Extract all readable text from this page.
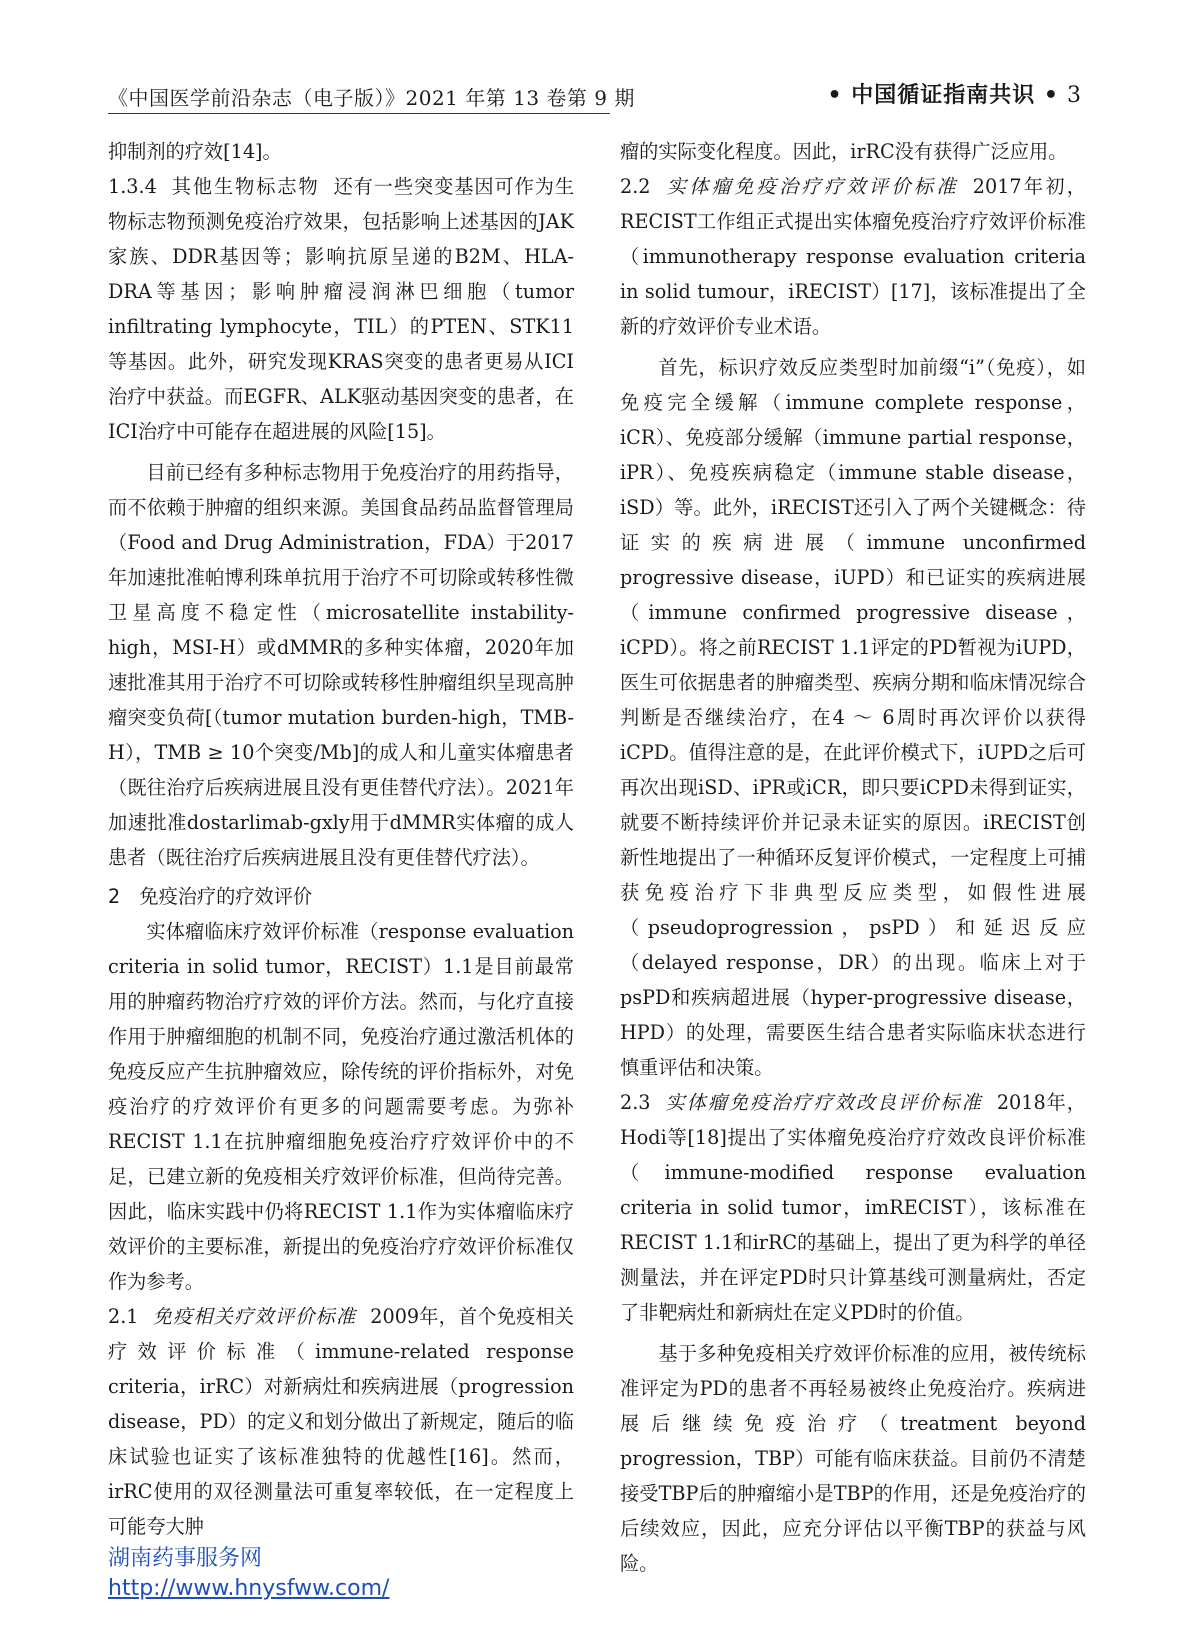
《中国医学前沿杂志（电子版）》2021 年第 13 卷第 9 期	• 中国循证指南共识 • 3

抑制剂的疗效[14]。

1.3.4 其他生物标志物 还有一些突变基因可作为生物标志物预测免疫治疗效果，包括影响上述基因的JAK家族、DDR基因等；影响抗原呈递的B2M、HLA-DRA等基因；影响肿瘤浸润淋巴细胞（tumor infiltrating lymphocyte，TIL）的PTEN、STK11等基因。此外，研究发现KRAS突变的患者更易从ICI治疗中获益。而EGFR、ALK驱动基因突变的患者，在ICI治疗中可能存在超进展的风险[15]。

目前已经有多种标志物用于免疫治疗的用药指导，而不依赖于肿瘤的组织来源。美国食品药品监督管理局（Food and Drug Administration，FDA）于2017年加速批准帕博利珠单抗用于治疗不可切除或转移性微卫星高度不稳定性（microsatellite instability-high，MSI-H）或dMMR的多种实体瘤，2020年加速批准其用于治疗不可切除或转移性肿瘤组织呈现高肿瘤突变负荷[（tumor mutation burden-high，TMB-H），TMB ≥ 10个突变/Mb]的成人和儿童实体瘤患者（既往治疗后疾病进展且没有更佳替代疗法）。2021年加速批准dostarlimab-gxly用于dMMR实体瘤的成人患者（既往治疗后疾病进展且没有更佳替代疗法）。

2　免疫治疗的疗效评价

实体瘤临床疗效评价标准（response evaluation criteria in solid tumor，RECIST）1.1是目前最常用的肿瘤药物治疗疗效的评价方法。然而，与化疗直接作用于肿瘤细胞的机制不同，免疫治疗通过激活机体的免疫反应产生抗肿瘤效应，除传统的评价指标外，对免疫治疗的疗效评价有更多的问题需要考虑。为弥补RECIST 1.1在抗肿瘤细胞免疫治疗疗效评价中的不足，已建立新的免疫相关疗效评价标准，但尚待完善。因此，临床实践中仍将RECIST 1.1作为实体瘤临床疗效评价的主要标准，新提出的免疫治疗疗效评价标准仅作为参考。

2.1 免疫相关疗效评价标准 2009年，首个免疫相关疗效评价标准（immune-related response criteria，irRC）对新病灶和疾病进展（progression disease，PD）的定义和划分做出了新规定，随后的临床试验也证实了该标准独特的优越性[16]。然而，irRC使用的双径测量法可重复率较低，在一定程度上可能夸大肿

瘤的实际变化程度。因此，irRC没有获得广泛应用。

2.2 实体瘤免疫治疗疗效评价标准 2017年初，RECIST工作组正式提出实体瘤免疫治疗疗效评价标准（immunotherapy response evaluation criteria in solid tumour，iRECIST）[17]，该标准提出了全新的疗效评价专业术语。

首先，标识疗效反应类型时加前缀“i”（免疫），如免疫完全缓解（immune complete response，iCR）、免疫部分缓解（immune partial response，iPR）、免疫疾病稳定（immune stable disease，iSD）等。此外，iRECIST还引入了两个关键概念：待证实的疾病进展（immune unconfirmed progressive disease，iUPD）和已证实的疾病进展（immune confirmed progressive disease，iCPD）。将之前RECIST 1.1评定的PD暂视为iUPD，医生可依据患者的肿瘤类型、疾病分期和临床情况综合判断是否继续治疗，在4 ～ 6周时再次评价以获得iCPD。值得注意的是，在此评价模式下，iUPD之后可再次出现iSD、iPR或iCR，即只要iCPD未得到证实，就要不断持续评价并记录未证实的原因。iRECIST创新性地提出了一种循环反复评价模式，一定程度上可捕获免疫治疗下非典型反应类型，如假性进展（pseudoprogression，psPD）和延迟反应（delayed response，DR）的出现。临床上对于psPD和疾病超进展（hyper-progressive disease，HPD）的处理，需要医生结合患者实际临床状态进行慎重评估和决策。

2.3 实体瘤免疫治疗疗效改良评价标准 2018年，Hodi等[18]提出了实体瘤免疫治疗疗效改良评价标准（immune-modified response evaluation criteria in solid tumor，imRECIST），该标准在RECIST 1.1和irRC的基础上，提出了更为科学的单径测量法，并在评定PD时只计算基线可测量病灶，否定了非靶病灶和新病灶在定义PD时的价值。

基于多种免疫相关疗效评价标准的应用，被传统标准评定为PD的患者不再轻易被终止免疫治疗。疾病进展后继续免疫治疗（treatment beyond progression，TBP）可能有临床获益。目前仍不清楚接受TBP后的肿瘤缩小是TBP的作用，还是免疫治疗的后续效应，因此，应充分评估以平衡TBP的获益与风险。

湖南药事服务网
http://www.hnysfww.com/
